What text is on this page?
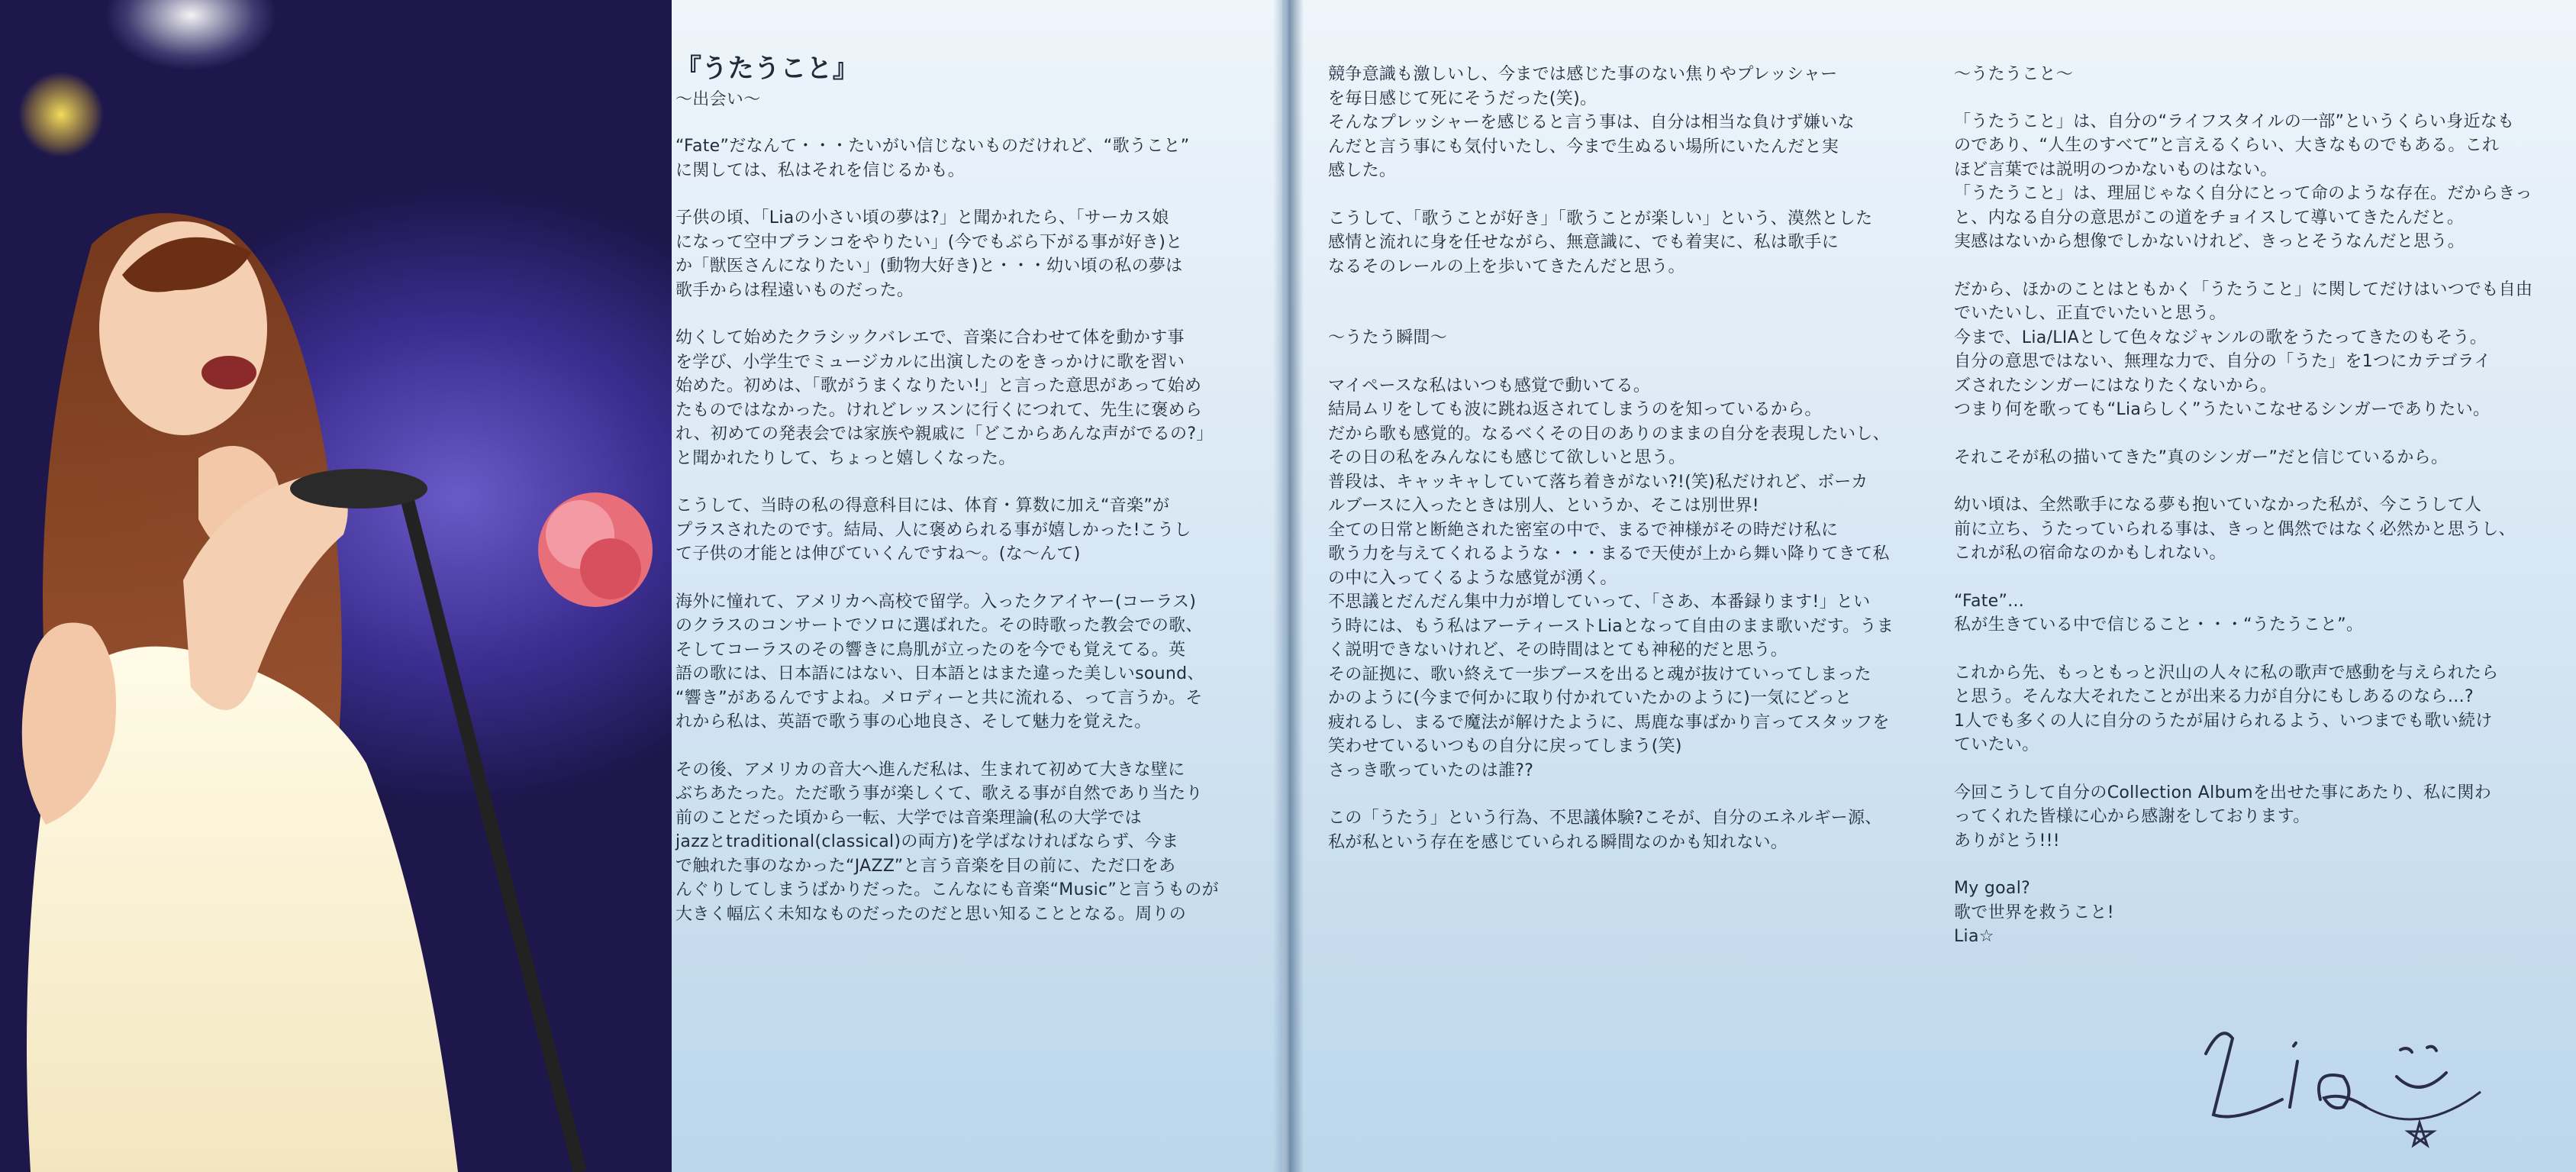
『うたうこと』

〜出会い〜

“Fate”だなんて・・・たいがい信じないものだけれど、“歌うこと”
に関しては、私はそれを信じるかも。

子供の頃、「Liaの小さい頃の夢は?」と聞かれたら、「サーカス娘
になって空中ブランコをやりたい」(今でもぶら下がる事が好き)と
か「獣医さんになりたい」(動物大好き)と・・・幼い頃の私の夢は
歌手からは程遠いものだった。

幼くして始めたクラシックバレエで、音楽に合わせて体を動かす事
を学び、小学生でミュージカルに出演したのをきっかけに歌を習い
始めた。初めは、「歌がうまくなりたい!」と言った意思があって始め
たものではなかった。けれどレッスンに行くにつれて、先生に褒めら
れ、初めての発表会では家族や親戚に「どこからあんな声がでるの?」
と聞かれたりして、ちょっと嬉しくなった。

こうして、当時の私の得意科目には、体育・算数に加え“音楽”が
プラスされたのです。結局、人に褒められる事が嬉しかった!こうし
て子供の才能とは伸びていくんですね〜。(な〜んて)

海外に憧れて、アメリカへ高校で留学。入ったクアイヤー(コーラス)
のクラスのコンサートでソロに選ばれた。その時歌った教会での歌、
そしてコーラスのその響きに鳥肌が立ったのを今でも覚えてる。英
語の歌には、日本語にはない、日本語とはまた違った美しいsound、
“響き”があるんですよね。メロディーと共に流れる、って言うか。そ
れから私は、英語で歌う事の心地良さ、そして魅力を覚えた。

その後、アメリカの音大へ進んだ私は、生まれて初めて大きな壁に
ぶちあたった。ただ歌う事が楽しくて、歌える事が自然であり当たり
前のことだった頃から一転、大学では音楽理論(私の大学では
jazzとtraditional(classical)の両方)を学ばなければならず、今ま
で触れた事のなかった“JAZZ”と言う音楽を目の前に、ただ口をあ
んぐりしてしまうばかりだった。こんなにも音楽“Music”と言うものが
大きく幅広く未知なものだったのだと思い知ることとなる。周りの

競争意識も激しいし、今までは感じた事のない焦りやプレッシャー
を毎日感じて死にそうだった(笑)。
そんなプレッシャーを感じると言う事は、自分は相当な負けず嫌いな
んだと言う事にも気付いたし、今まで生ぬるい場所にいたんだと実
感した。

こうして、「歌うことが好き」「歌うことが楽しい」という、漠然とした
感情と流れに身を任せながら、無意識に、でも着実に、私は歌手に
なるそのレールの上を歩いてきたんだと思う。

〜うたう瞬間〜

マイペースな私はいつも感覚で動いてる。
結局ムリをしても波に跳ね返されてしまうのを知っているから。
だから歌も感覚的。なるべくその日のありのままの自分を表現したいし、
その日の私をみんなにも感じて欲しいと思う。
普段は、キャッキャしていて落ち着きがない?!(笑)私だけれど、ボーカ
ルブースに入ったときは別人、というか、そこは別世界!
全ての日常と断絶された密室の中で、まるで神様がその時だけ私に
歌う力を与えてくれるような・・・まるで天使が上から舞い降りてきて私
の中に入ってくるような感覚が湧く。
不思議とだんだん集中力が増していって、「さあ、本番録ります!」とい
う時には、もう私はアーティーストLiaとなって自由のまま歌いだす。うま
く説明できないけれど、その時間はとても神秘的だと思う。
その証拠に、歌い終えて一歩ブースを出ると魂が抜けていってしまった
かのように(今まで何かに取り付かれていたかのように)一気にどっと
疲れるし、まるで魔法が解けたように、馬鹿な事ばかり言ってスタッフを
笑わせているいつもの自分に戻ってしまう(笑)
さっき歌っていたのは誰??

この「うたう」という行為、不思議体験?こそが、自分のエネルギー源、
私が私という存在を感じていられる瞬間なのかも知れない。

〜うたうこと〜

「うたうこと」は、自分の“ライフスタイルの一部”というくらい身近なも
のであり、“人生のすべて”と言えるくらい、大きなものでもある。これ
ほど言葉では説明のつかないものはない。
「うたうこと」は、理屈じゃなく自分にとって命のような存在。だからきっ
と、内なる自分の意思がこの道をチョイスして導いてきたんだと。
実感はないから想像でしかないけれど、きっとそうなんだと思う。

だから、ほかのことはともかく「うたうこと」に関してだけはいつでも自由
でいたいし、正直でいたいと思う。
今まで、Lia/LIAとして色々なジャンルの歌をうたってきたのもそう。
自分の意思ではない、無理な力で、自分の「うた」を1つにカテゴライ
ズされたシンガーにはなりたくないから。
つまり何を歌っても“Liaらしく”うたいこなせるシンガーでありたい。

それこそが私の描いてきた”真のシンガー”だと信じているから。

幼い頃は、全然歌手になる夢も抱いていなかった私が、今こうして人
前に立ち、うたっていられる事は、きっと偶然ではなく必然かと思うし、
これが私の宿命なのかもしれない。

“Fate”...
私が生きている中で信じること・・・“うたうこと”。

これから先、もっともっと沢山の人々に私の歌声で感動を与えられたら
と思う。そんな大それたことが出来る力が自分にもしあるのなら…?
1人でも多くの人に自分のうたが届けられるよう、いつまでも歌い続け
ていたい。

今回こうして自分のCollection Albumを出せた事にあたり、私に関わ
ってくれた皆様に心から感謝をしております。
ありがとう!!!

My goal?
歌で世界を救うこと!
Lia☆
